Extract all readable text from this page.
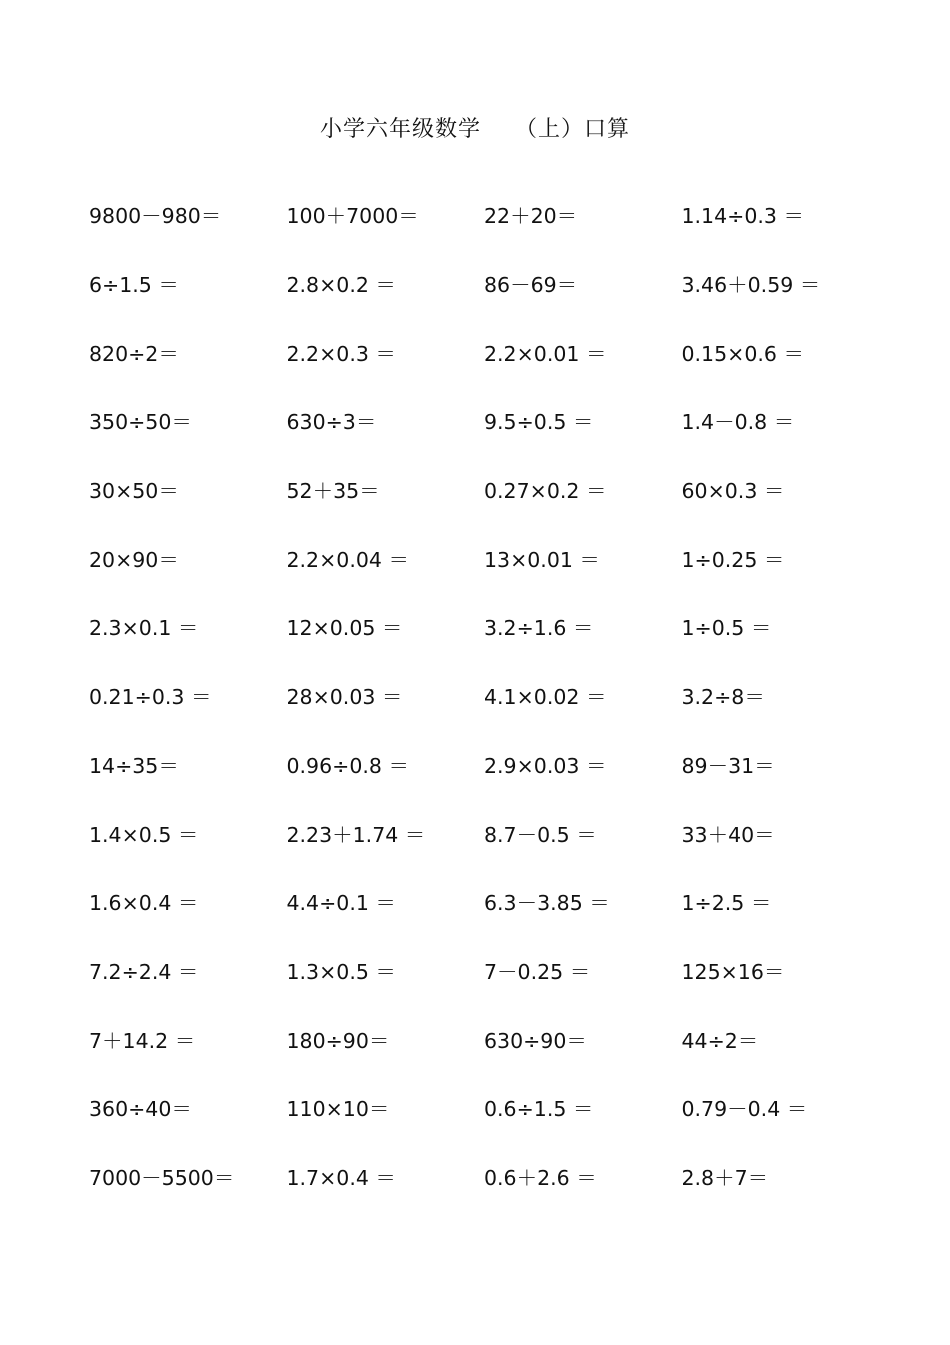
小学六年级数学 （上）口算
9800－980＝	100＋7000＝	22＋20＝	1.14÷0.3 ＝
6÷1.5 ＝	2.8×0.2 ＝	86－69＝	3.46＋0.59 ＝
820÷2＝	2.2×0.3 ＝	2.2×0.01 ＝	0.15×0.6 ＝
350÷50＝	630÷3＝	9.5÷0.5 ＝	1.4－0.8 ＝
30×50＝	52＋35＝	0.27×0.2 ＝	60×0.3 ＝
20×90＝	2.2×0.04 ＝	13×0.01 ＝	1÷0.25 ＝
2.3×0.1 ＝	12×0.05 ＝	3.2÷1.6 ＝	1÷0.5 ＝
0.21÷0.3 ＝	28×0.03 ＝	4.1×0.02 ＝	3.2÷8＝
14÷35＝	0.96÷0.8 ＝	2.9×0.03 ＝	89－31＝
1.4×0.5 ＝	2.23＋1.74 ＝	8.7－0.5 ＝	33＋40＝
1.6×0.4 ＝	4.4÷0.1 ＝	6.3－3.85 ＝	1÷2.5 ＝
7.2÷2.4 ＝	1.3×0.5 ＝	7－0.25 ＝	125×16＝
7＋14.2 ＝	180÷90＝	630÷90＝	44÷2＝
360÷40＝	110×10＝	0.6÷1.5 ＝	0.79－0.4 ＝
7000－5500＝	1.7×0.4 ＝	0.6＋2.6 ＝	2.8＋7＝
